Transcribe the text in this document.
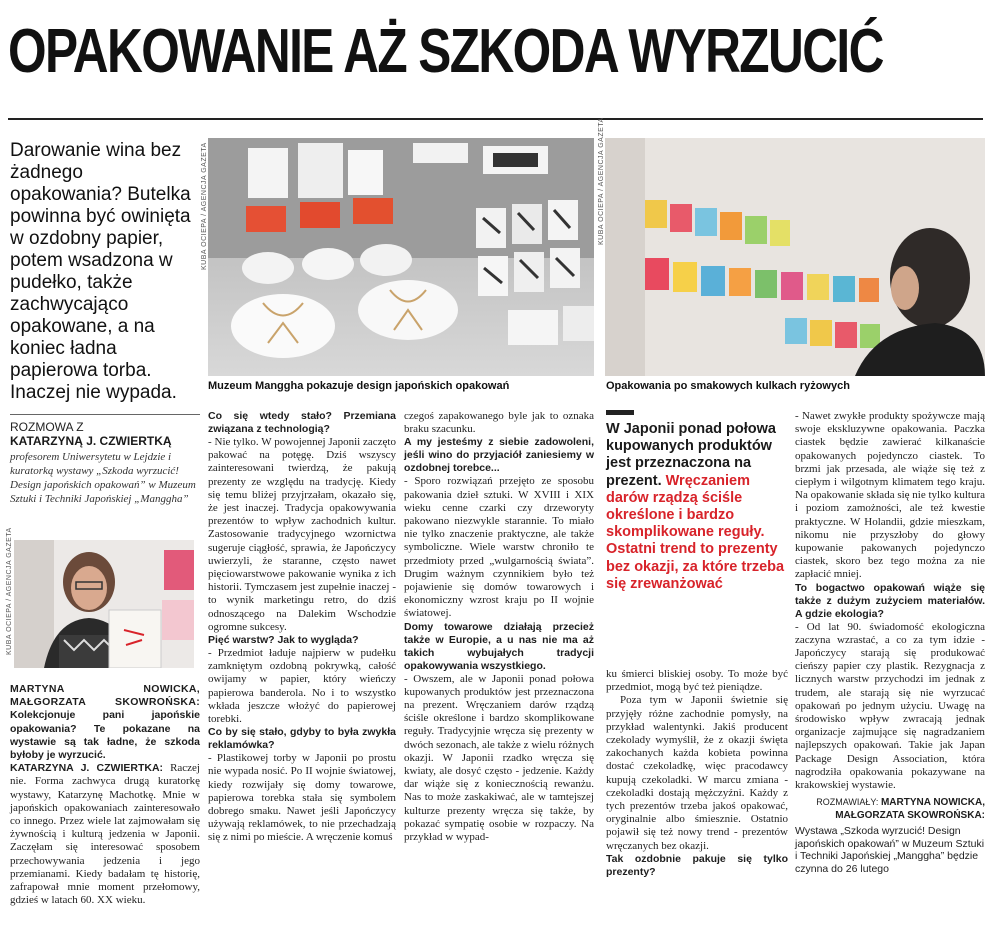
OPAKOWANIE AŻ SZKODA WYRZUCIĆ
Darowanie wina bez żadnego opakowania? Butelka powinna być owinięta w ozdobny papier, potem wsadzona w pudełko, także zachwycająco opakowane, a na koniec ładna papierowa torba. Inaczej nie wypada.
ROZMOWA Z
KATARZYNĄ J. CZWIERTKĄ
profesorem Uniwersytetu w Lejdzie i kuratorką wystawy „Szkoda wyrzucić! Design japońskich opakowań” w Muzeum Sztuki i Techniki Japońskiej „Manggha”
KUBA OCIEPA / AGENCJA GAZETA

MARTYNA NOWICKA, MAŁGORZATA SKOWROŃSKA: Kolekcjonuje pani japońskie opakowania? Te pokazane na wystawie są tak ładne, że szkoda byłoby je wyrzucić.

KATARZYNA J. CZWIERTKA: Raczej nie. Forma zachwyca drugą kuratorkę wystawy, Katarzynę Machotkę. Mnie w japońskich opakowaniach zainteresowało co innego. Przez wiele lat zajmowałam się żywnością i kulturą jedzenia w Japonii. Zaczęłam się interesować sposobem przechowywania jedzenia i jego przemianami. Kiedy badałam tę historię, zafrapował mnie moment przełomowy, gdzieś w latach 60. XX wieku.

KUBA OCIEPA / AGENCJA GAZETA
Muzeum Manggha pokazuje design japońskich opakowań
KUBA OCIEPA / AGENCJA GAZETA
Opakowania po smakowych kulkach ryżowych

Co się wtedy stało? Przemiana związana z technologią?

- Nie tylko. W powojennej Japonii zaczęto pakować na potęgę. Dziś wszyscy zainteresowani twierdzą, że pakują prezenty ze względu na tradycję. Kiedy się temu bliżej przyjrzałam, okazało się, że jest inaczej. Tradycja opakowywania prezentów to wpływ zachodnich kultur. Zastosowanie tradycyjnego wzornictwa sugeruje ciągłość, sprawia, że Japończycy uwierzyli, że staranne, często nawet pięciowarstwowe pakowanie wynika z ich historii. Tymczasem jest zupełnie inaczej - to wynik marketingu retro, do dziś odnoszącego na Dalekim Wschodzie ogromne sukcesy.

Pięć warstw? Jak to wygląda?

- Przedmiot ładuje najpierw w pudełku zamkniętym ozdobną pokrywką, całość owijamy w papier, który wieńczy papierowa banderola. No i to wszystko wkłada jeszcze włożyć do papierowej torebki.

Co by się stało, gdyby to była zwykła reklamówka?

- Plastikowej torby w Japonii po prostu nie wypada nosić. Po II wojnie światowej, kiedy rozwijały się domy towarowe, papierowa torebka stała się symbolem dobrego smaku. Nawet jeśli Japończycy używają reklamówek, to nie przechadzają się z nimi po mieście. A wręczenie komuś

czegoś zapakowanego byle jak to oznaka braku szacunku.

A my jesteśmy z siebie zadowoleni, jeśli wino do przyjaciół zaniesiemy w ozdobnej torebce...

- Sporo rozwiązań przejęto ze sposobu pakowania dzieł sztuki. W XVIII i XIX wieku cenne czarki czy drzeworyty pakowano niezwykle starannie. To miało nie tylko znaczenie praktyczne, ale także symboliczne. Wiele warstw chroniło te przedmioty przed „wulgarnością świata”. Drugim ważnym czynnikiem było też pojawienie się domów towarowych i ekonomiczny wzrost kraju po II wojnie światowej.

Domy towarowe działają przecież także w Europie, a u nas nie ma aż takich wybujałych tradycji opakowywania wszystkiego.

- Owszem, ale w Japonii ponad połowa kupowanych produktów jest przeznaczona na prezent. Wręczaniem darów rządzą ściśle określone i bardzo skomplikowane reguły. Tradycyjnie wręcza się prezenty w dwóch sezonach, ale także z wielu różnych okazji. W Japonii rzadko wręcza się kwiaty, ale dosyć często - jedzenie. Każdy dar wiąże się z koniecznością rewanżu. Nas to może zaskakiwać, ale w tamtejszej kulturze prezenty wręcza się także, by pokazać sympatię osobie w rozpaczy. Na przykład w wypad-

W Japonii ponad połowa kupowanych produktów jest przeznaczona na prezent. Wręczaniem darów rządzą ściśle określone i bardzo skomplikowane reguły. Ostatni trend to prezenty bez okazji, za które trzeba się zrewanżować

ku śmierci bliskiej osoby. To może być przedmiot, mogą być też pieniądze.

Poza tym w Japonii świetnie się przyjęły różne zachodnie pomysły, na przykład walentynki. Jakiś producent czekolady wymyślił, że z okazji święta zakochanych każda kobieta powinna dostać czekoladkę, więc pracodawcy kupują czekoladki. W marcu zmiana - czekoladki dostają mężczyźni. Każdy z tych prezentów trzeba jakoś opakować, oryginalnie albo śmiesznie. Ostatnio pojawił się też nowy trend - prezentów wręczanych bez okazji.

Tak ozdobnie pakuje się tylko prezenty?

- Nawet zwykłe produkty spożywcze mają swoje ekskluzywne opakowania. Paczka ciastek będzie zawierać kilkanaście opakowanych pojedynczo ciastek. To brzmi jak przesada, ale wiąże się też z ciepłym i wilgotnym klimatem tego kraju. Na opakowanie składa się nie tylko kultura i poziom zamożności, ale też kwestie praktyczne. W Holandii, gdzie mieszkam, nikomu nie przyszłoby do głowy kupowanie pakowanych pojedynczo ciastek, skoro bez tego można za nie zapłacić mniej.

To bogactwo opakowań wiąże się także z dużym zużyciem materiałów. A gdzie ekologia?

- Od lat 90. świadomość ekologiczna zaczyna wzrastać, a co za tym idzie - Japończycy starają się produkować cieńszy papier czy plastik. Rezygnacja z licznych warstw przychodzi im jednak z trudem, ale starają się nie wyrzucać opakowań po jednym użyciu. Uwagę na środowisko wpływ zwracają jednak organizacje zajmujące się nagradzaniem najlepszych opakowań. Takie jak Japan Package Design Association, która nagrodziła opakowania pokazywane na krakowskiej wystawie.

ROZMAWIAŁY: MARTYNA NOWICKA, MAŁGORZATA SKOWROŃSKA:

Wystawa „Szkoda wyrzucić! Design japońskich opakowań” w Muzeum Sztuki i Techniki Japońskiej „Manggha” będzie czynna do 26 lutego
